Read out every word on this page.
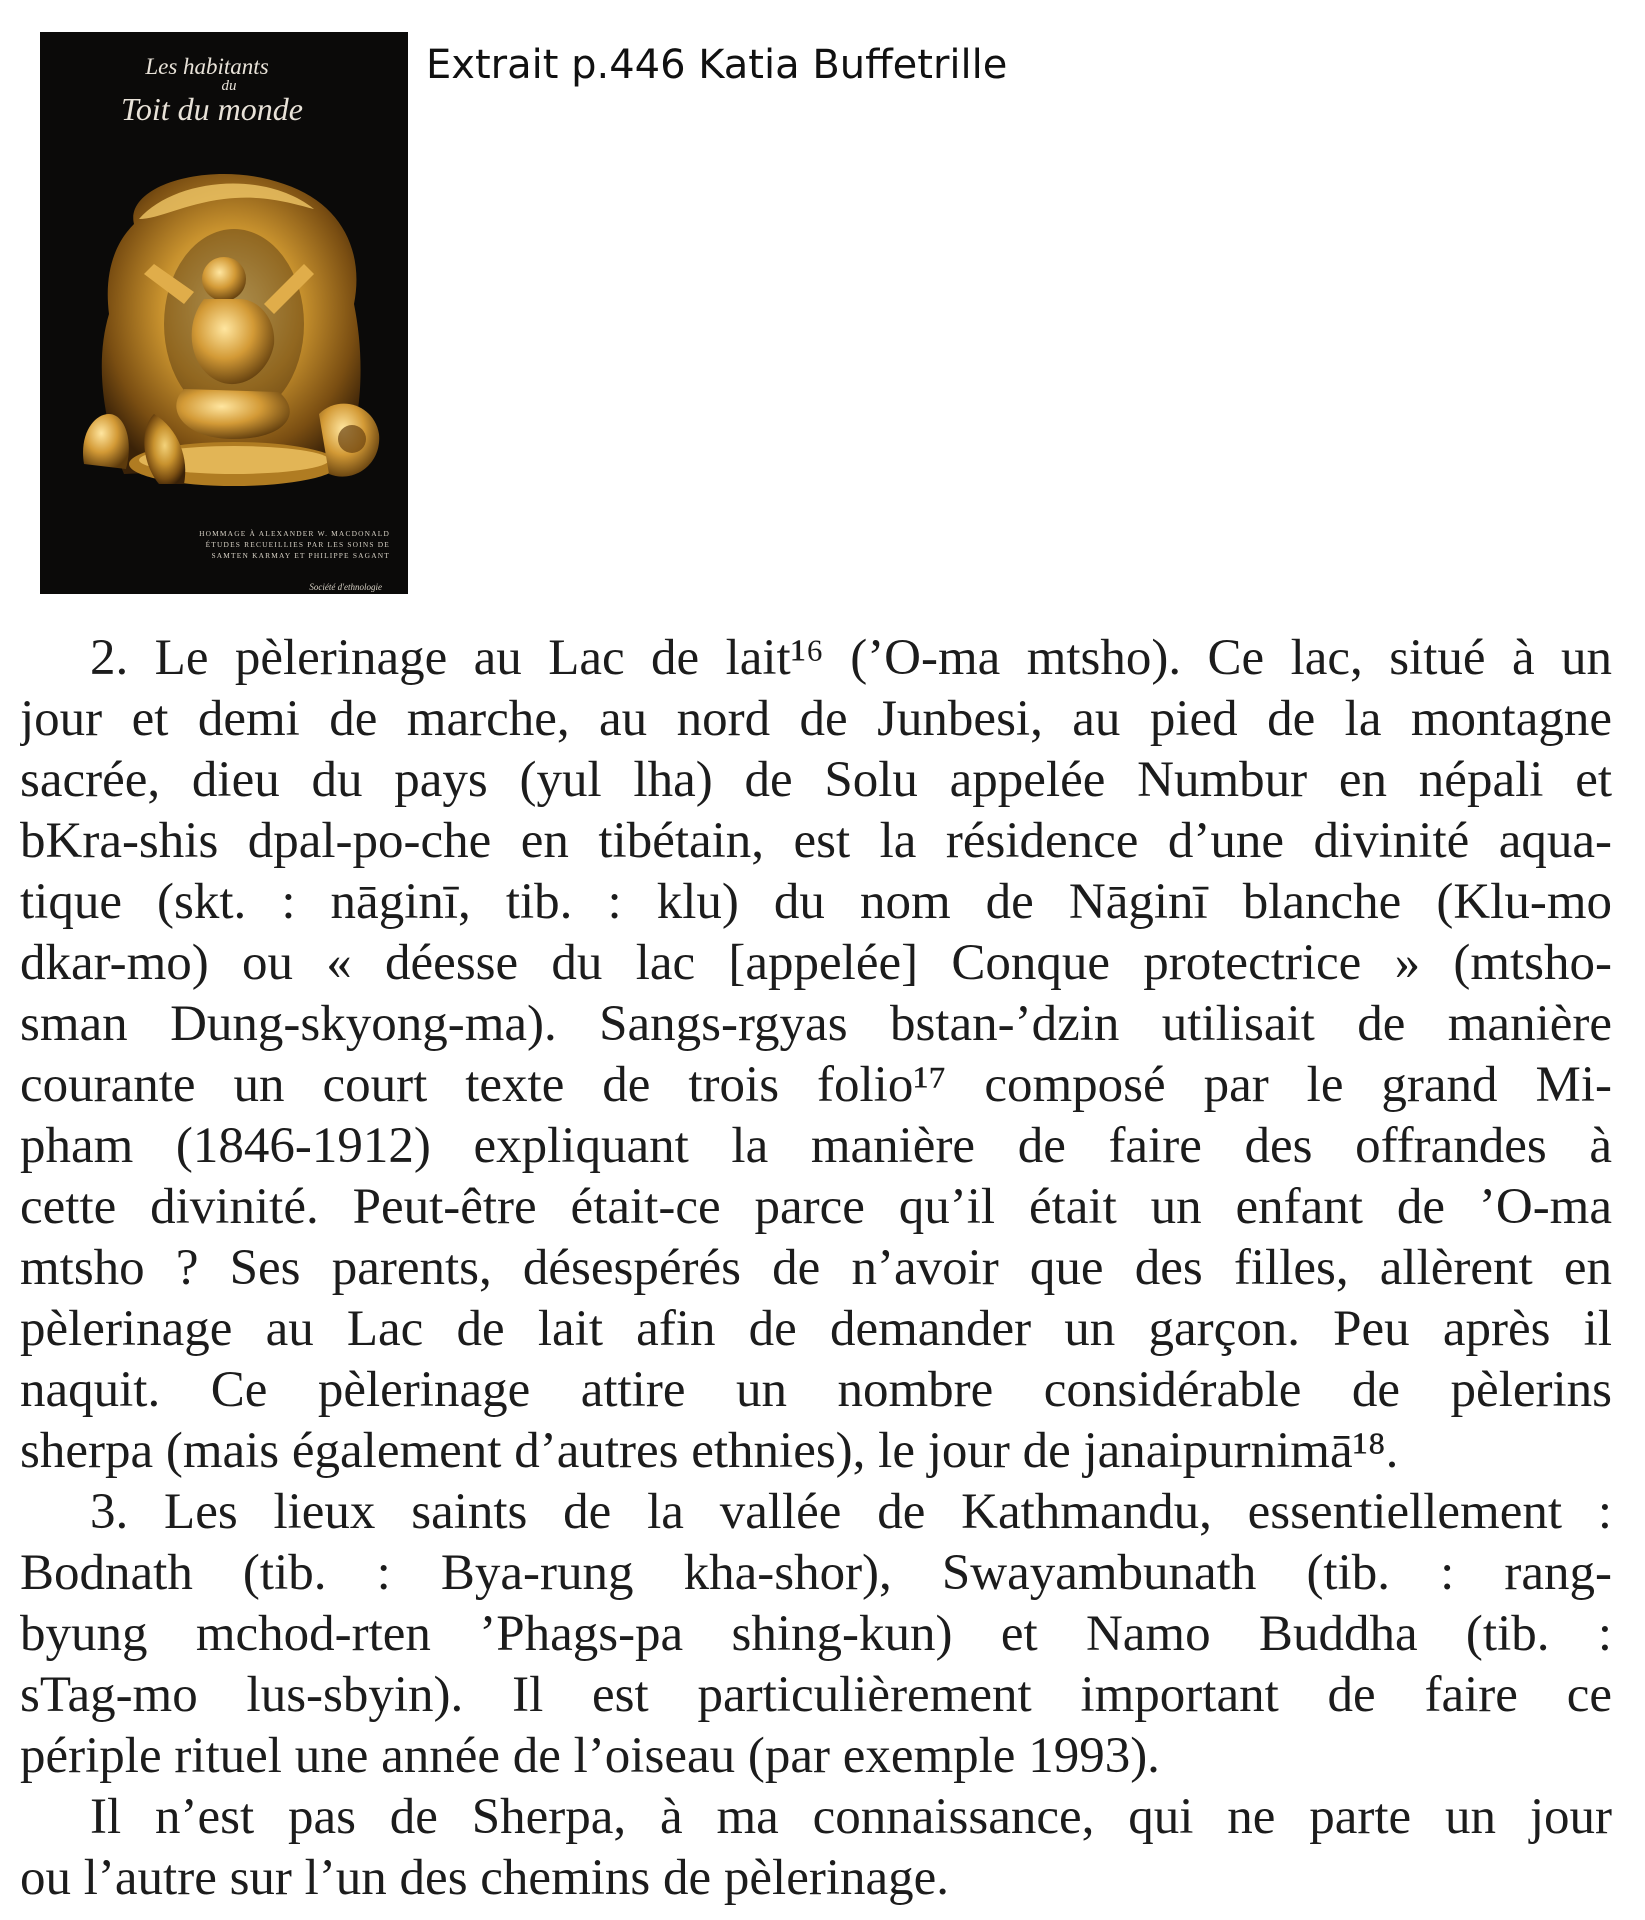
Les habitants
du
Toit du monde
HOMMAGE À ALEXANDER W. MACDONALD
ÉTUDES RECUEILLIES PAR LES SOINS DE
SAMTEN KARMAY ET PHILIPPE SAGANT
Société d'ethnologie
Extrait p.446 Katia Buffetrille
2. Le pèlerinage au Lac de lait¹⁶ (ʼO-ma mtsho). Ce lac, situé à un
jour et demi de marche, au nord de Junbesi, au pied de la montagne
sacrée, dieu du pays (yul lha) de Solu appelée Numbur en népali et
bKra-shis dpal-po-che en tibétain, est la résidence d’une divinité aqua-
tique (skt. : nāginī, tib. : klu) du nom de Nāginī blanche (Klu-mo
dkar-mo) ou « déesse du lac [appelée] Conque protectrice » (mtsho-
sman Dung-skyong-ma). Sangs-rgyas bstan-’dzin utilisait de manière
courante un court texte de trois folio¹⁷ composé par le grand Mi-
pham (1846-1912) expliquant la manière de faire des offrandes à
cette divinité. Peut-être était-ce parce qu’il était un enfant de ’O-ma
mtsho ? Ses parents, désespérés de n’avoir que des filles, allèrent en
pèlerinage au Lac de lait afin de demander un garçon. Peu après il
naquit. Ce pèlerinage attire un nombre considérable de pèlerins
sherpa (mais également d’autres ethnies), le jour de janaipurnimā¹⁸.
3. Les lieux saints de la vallée de Kathmandu, essentiellement :
Bodnath (tib. : Bya-rung kha-shor), Swayambunath (tib. : rang-
byung mchod-rten ’Phags-pa shing-kun) et Namo Buddha (tib. :
sTag-mo lus-sbyin). Il est particulièrement important de faire ce
périple rituel une année de l’oiseau (par exemple 1993).
Il n’est pas de Sherpa, à ma connaissance, qui ne parte un jour
ou l’autre sur l’un des chemins de pèlerinage.
